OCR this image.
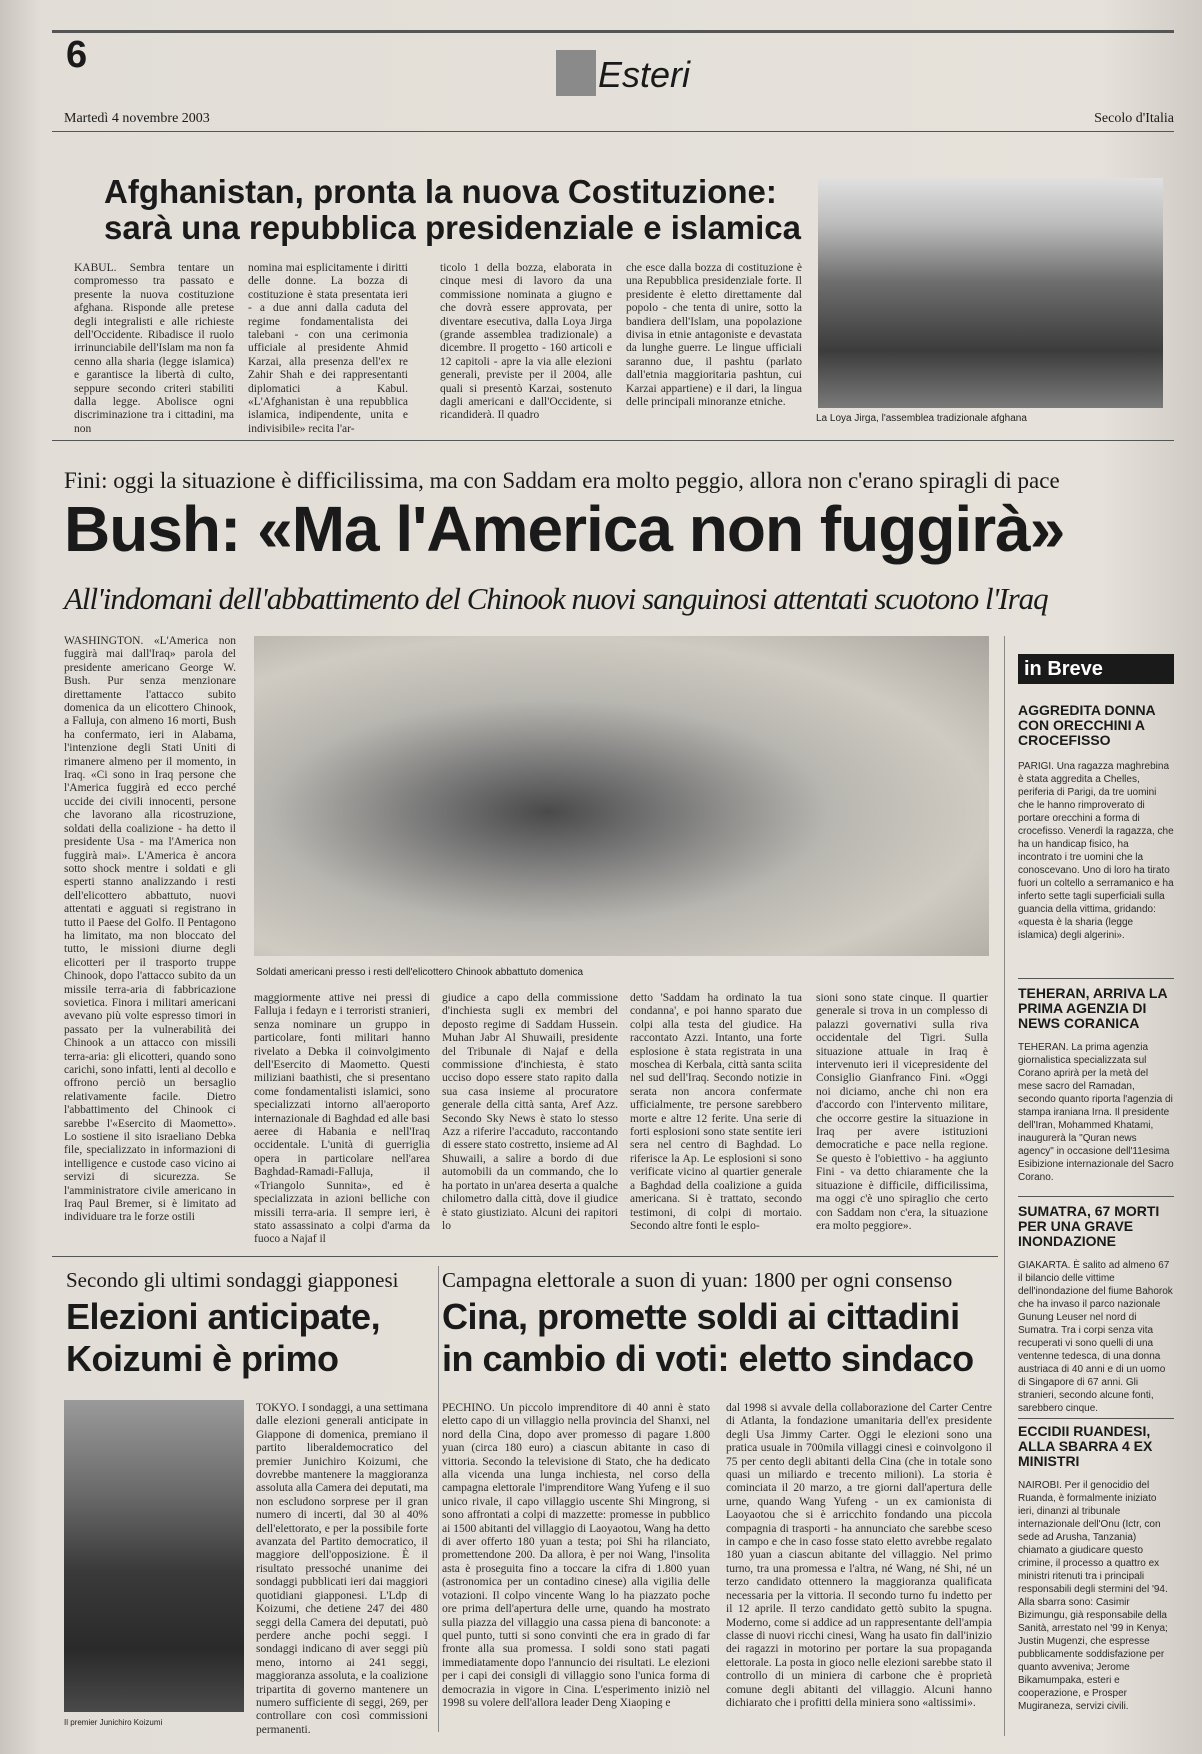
6	Esteri
Martedì 4 novembre 2003	Secolo d'Italia
Afghanistan, pronta la nuova Costituzione:
sarà una repubblica presidenziale e islamica
KABUL. Sembra tentare un compromesso tra passato e presente la nuova costituzione afghana. Risponde alle pretese degli integralisti e alle richieste dell'Occidente. Ribadisce il ruolo irrinunciabile dell'Islam ma non fa cenno alla sharia (legge islamica) e garantisce la libertà di culto, seppure secondo criteri stabiliti dalla legge. Abolisce ogni discriminazione tra i cittadini, ma non
nomina mai esplicitamente i diritti delle donne. La bozza di costituzione è stata presentata ieri - a due anni dalla caduta del regime fondamentalista dei talebani - con una cerimonia ufficiale al presidente Ahmid Karzai, alla presenza dell'ex re Zahir Shah e dei rappresentanti diplomatici a Kabul. «L'Afghanistan è una repubblica islamica, indipendente, unita e indivisibile» recita l'ar-
ticolo 1 della bozza, elaborata in cinque mesi di lavoro da una commissione nominata a giugno e che dovrà essere approvata, per diventare esecutiva, dalla Loya Jirga (grande assemblea tradizionale) a dicembre. Il progetto - 160 articoli e 12 capitoli - apre la via alle elezioni generali, previste per il 2004, alle quali si presentò Karzai, sostenuto dagli americani e dall'Occidente, si ricandiderà. Il quadro
che esce dalla bozza di costituzione è una Repubblica presidenziale forte. Il presidente è eletto direttamente dal popolo - che tenta di unire, sotto la bandiera dell'Islam, una popolazione divisa in etnie antagoniste e devastata da lunghe guerre. Le lingue ufficiali saranno due, il pashtu (parlato dall'etnia maggioritaria pashtun, cui Karzai appartiene) e il dari, la lingua delle principali minoranze etniche.
La Loya Jirga, l'assemblea tradizionale afghana
Fini: oggi la situazione è difficilissima, ma con Saddam era molto peggio, allora non c'erano spiragli di pace
Bush: «Ma l'America non fuggirà»
All'indomani dell'abbattimento del Chinook nuovi sanguinosi attentati scuotono l'Iraq
WASHINGTON. «L'America non fuggirà mai dall'Iraq» parola del presidente americano George W. Bush. Pur senza menzionare direttamente l'attacco subito domenica da un elicottero Chinook, a Falluja, con almeno 16 morti, Bush ha confermato, ieri in Alabama, l'intenzione degli Stati Uniti di rimanere almeno per il momento, in Iraq. «Ci sono in Iraq persone che l'America fuggirà ed ecco perché uccide dei civili innocenti, persone che lavorano alla ricostruzione, soldati della coalizione - ha detto il presidente Usa - ma l'America non fuggirà mai». L'America è ancora sotto shock mentre i soldati e gli esperti stanno analizzando i resti dell'elicottero abbattuto, nuovi attentati e agguati si registrano in tutto il Paese del Golfo. Il Pentagono ha limitato, ma non bloccato del tutto, le missioni diurne degli elicotteri per il trasporto truppe Chinook, dopo l'attacco subito da un missile terra-aria di fabbricazione sovietica. Finora i militari americani avevano più volte espresso timori in passato per la vulnerabilità dei Chinook a un attacco con missili terra-aria: gli elicotteri, quando sono carichi, sono infatti, lenti al decollo e offrono perciò un bersaglio relativamente facile. Dietro l'abbattimento del Chinook ci sarebbe l'«Esercito di Maometto». Lo sostiene il sito israeliano Debka file, specializzato in informazioni di intelligence e custode caso vicino ai servizi di sicurezza. Se l'amministratore civile americano in Iraq Paul Bremer, si è limitato ad individuare tra le forze ostili
Soldati americani presso i resti dell'elicottero Chinook abbattuto domenica
maggiormente attive nei pressi di Falluja i fedayn e i terroristi stranieri, senza nominare un gruppo in particolare, fonti militari hanno rivelato a Debka il coinvolgimento dell'Esercito di Maometto. Questi miliziani baathisti, che si presentano come fondamentalisti islamici, sono specializzati intorno all'aeroporto internazionale di Baghdad ed alle basi aeree di Habania e nell'Iraq occidentale. L'unità di guerriglia opera in particolare nell'area Baghdad-Ramadi-Falluja, il «Triangolo Sunnita», ed è specializzata in azioni belliche con missili terra-aria. Il sempre ieri, è stato assassinato a colpi d'arma da fuoco a Najaf il
giudice a capo della commissione d'inchiesta sugli ex membri del deposto regime di Saddam Hussein. Muhan Jabr Al Shuwaili, presidente del Tribunale di Najaf e della commissione d'inchiesta, è stato ucciso dopo essere stato rapito dalla sua casa insieme al procuratore generale della città santa, Aref Azz. Secondo Sky News è stato lo stesso Azz a riferire l'accaduto, raccontando di essere stato costretto, insieme ad Al Shuwaili, a salire a bordo di due automobili da un commando, che lo ha portato in un'area deserta a qualche chilometro dalla città, dove il giudice è stato giustiziato. Alcuni dei rapitori lo
detto 'Saddam ha ordinato la tua condanna', e poi hanno sparato due colpi alla testa del giudice. Ha raccontato Azzi. Intanto, una forte esplosione è stata registrata in una moschea di Kerbala, città santa sciita nel sud dell'Iraq. Secondo notizie in serata non ancora confermate ufficialmente, tre persone sarebbero morte e altre 12 ferite. Una serie di forti esplosioni sono state sentite ieri sera nel centro di Baghdad. Lo riferisce la Ap. Le esplosioni si sono verificate vicino al quartier generale a Baghdad della coalizione a guida americana. Si è trattato, secondo testimoni, di colpi di mortaio. Secondo altre fonti le esplo-
sioni sono state cinque. Il quartier generale si trova in un complesso di palazzi governativi sulla riva occidentale del Tigri. Sulla situazione attuale in Iraq è intervenuto ieri il vicepresidente del Consiglio Gianfranco Fini. «Oggi noi diciamo, anche chi non era d'accordo con l'intervento militare, che occorre gestire la situazione in Iraq per avere istituzioni democratiche e pace nella regione. Se questo è l'obiettivo - ha aggiunto Fini - va detto chiaramente che la situazione è difficile, difficilissima, ma oggi c'è uno spiraglio che certo con Saddam non c'era, la situazione era molto peggiore».
in Breve
AGGREDITA DONNA CON ORECCHINI A CROCEFISSO
PARIGI. Una ragazza maghrebina è stata aggredita a Chelles, periferia di Parigi, da tre uomini che le hanno rimproverato di portare orecchini a forma di crocefisso. Venerdì la ragazza, che ha un handicap fisico, ha incontrato i tre uomini che la conoscevano. Uno di loro ha tirato fuori un coltello a serramanico e ha inferto sette tagli superficiali sulla guancia della vittima, gridando: «questa è la sharia (legge islamica) degli algerini».
TEHERAN, ARRIVA LA PRIMA AGENZIA DI NEWS CORANICA
TEHERAN. La prima agenzia giornalistica specializzata sul Corano aprirà per la metà del mese sacro del Ramadan, secondo quanto riporta l'agenzia di stampa iraniana Irna. Il presidente dell'Iran, Mohammed Khatami, inaugurerà la "Quran news agency" in occasione dell'11esima Esibizione internazionale del Sacro Corano.
SUMATRA, 67 MORTI PER UNA GRAVE INONDAZIONE
GIAKARTA. È salito ad almeno 67 il bilancio delle vittime dell'inondazione del fiume Bahorok che ha invaso il parco nazionale Gunung Leuser nel nord di Sumatra. Tra i corpi senza vita recuperati vi sono quelli di una ventenne tedesca, di una donna austriaca di 40 anni e di un uomo di Singapore di 67 anni. Gli stranieri, secondo alcune fonti, sarebbero cinque.
ECCIDII RUANDESI, ALLA SBARRA 4 EX MINISTRI
NAIROBI. Per il genocidio del Ruanda, è formalmente iniziato ieri, dinanzi al tribunale internazionale dell'Onu (Ictr, con sede ad Arusha, Tanzania) chiamato a giudicare questo crimine, il processo a quattro ex ministri ritenuti tra i principali responsabili degli stermini del '94. Alla sbarra sono: Casimir Bizimungu, già responsabile della Sanità, arrestato nel '99 in Kenya; Justin Mugenzi, che espresse pubblicamente soddisfazione per quanto avveniva; Jerome Bikamumpaka, esteri e cooperazione, e Prosper Mugiraneza, servizi civili.
Secondo gli ultimi sondaggi giapponesi
Elezioni anticipate,
Koizumi è primo
Il premier Junichiro Koizumi
TOKYO. I sondaggi, a una settimana dalle elezioni generali anticipate in Giappone di domenica, premiano il partito liberaldemocratico del premier Junichiro Koizumi, che dovrebbe mantenere la maggioranza assoluta alla Camera dei deputati, ma non escludono sorprese per il gran numero di incerti, dal 30 al 40% dell'elettorato, e per la possibile forte avanzata del Partito democratico, il maggiore dell'opposizione. È il risultato pressoché unanime dei sondaggi pubblicati ieri dai maggiori quotidiani giapponesi. L'Ldp di Koizumi, che detiene 247 dei 480 seggi della Camera dei deputati, può perdere anche pochi seggi. I sondaggi indicano di aver seggi più meno, intorno ai 241 seggi, maggioranza assoluta, e la coalizione tripartita di governo mantenere un numero sufficiente di seggi, 269, per controllare con così commissioni permanenti.
Campagna elettorale a suon di yuan: 1800 per ogni consenso
Cina, promette soldi ai cittadini
in cambio di voti: eletto sindaco
PECHINO. Un piccolo imprenditore di 40 anni è stato eletto capo di un villaggio nella provincia del Shanxi, nel nord della Cina, dopo aver promesso di pagare 1.800 yuan (circa 180 euro) a ciascun abitante in caso di vittoria. Secondo la televisione di Stato, che ha dedicato alla vicenda una lunga inchiesta, nel corso della campagna elettorale l'imprenditore Wang Yufeng e il suo unico rivale, il capo villaggio uscente Shi Mingrong, si sono affrontati a colpi di mazzette: promesse in pubblico ai 1500 abitanti del villaggio di Laoyaotou, Wang ha detto di aver offerto 180 yuan a testa; poi Shi ha rilanciato, promettendone 200. Da allora, è per noi Wang, l'insolita asta è proseguita fino a toccare la cifra di 1.800 yuan (astronomica per un contadino cinese) alla vigilia delle votazioni. Il colpo vincente Wang lo ha piazzato poche ore prima dell'apertura delle urne, quando ha mostrato sulla piazza del villaggio una cassa piena di banconote: a quel punto, tutti si sono convinti che era in grado di far fronte alla sua promessa. I soldi sono stati pagati immediatamente dopo l'annuncio dei risultati. Le elezioni per i capi dei consigli di villaggio sono l'unica forma di democrazia in vigore in Cina. L'esperimento iniziò nel 1998 su volere dell'allora leader Deng Xiaoping e
dal 1998 si avvale della collaborazione del Carter Centre di Atlanta, la fondazione umanitaria dell'ex presidente degli Usa Jimmy Carter. Oggi le elezioni sono una pratica usuale in 700mila villaggi cinesi e coinvolgono il 75 per cento degli abitanti della Cina (che in totale sono quasi un miliardo e trecento milioni). La storia è cominciata il 20 marzo, a tre giorni dall'apertura delle urne, quando Wang Yufeng - un ex camionista di Laoyaotou che si è arricchito fondando una piccola compagnia di trasporti - ha annunciato che sarebbe sceso in campo e che in caso fosse stato eletto avrebbe regalato 180 yuan a ciascun abitante del villaggio. Nel primo turno, tra una promessa e l'altra, né Wang, né Shi, né un terzo candidato ottennero la maggioranza qualificata necessaria per la vittoria. Il secondo turno fu indetto per il 12 aprile. Il terzo candidato gettò subito la spugna. Moderno, come si addice ad un rappresentante dell'ampia classe di nuovi ricchi cinesi, Wang ha usato fin dall'inizio dei ragazzi in motorino per portare la sua propaganda elettorale. La posta in gioco nelle elezioni sarebbe stato il controllo di un miniera di carbone che è proprietà comune degli abitanti del villaggio. Alcuni hanno dichiarato che i profitti della miniera sono «altissimi».
